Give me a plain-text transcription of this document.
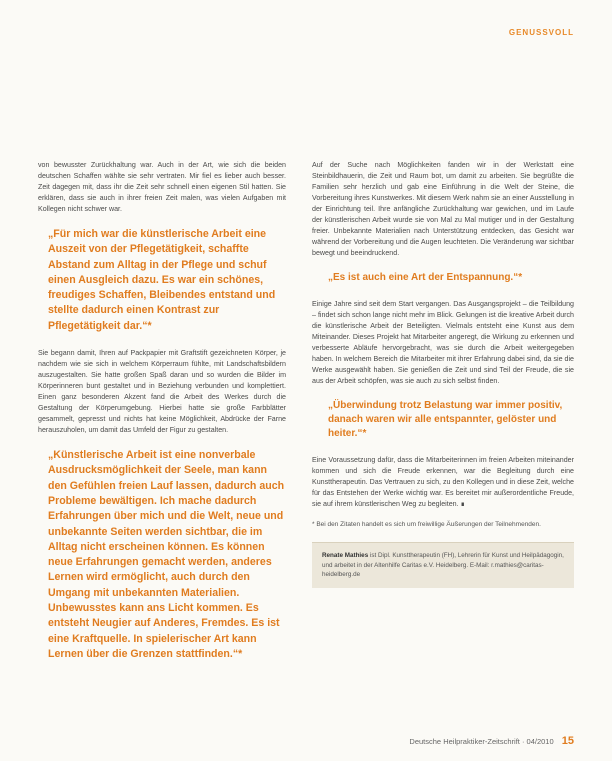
GENUSSVOLL

von bewusster Zurückhaltung war. Auch in der Art, wie sich die beiden deutschen Schaffen wählte sie sehr vertraten. Mir fiel es lieber auch besser. Zeit dagegen mit, dass ihr die Zeit sehr schnell einen eigenen Stil hatten. Sie erklären, dass sie auch in ihrer freien Zeit malen, was vielen Aufgaben mit Kollegen nicht schwer war.

„Für mich war die künstlerische Arbeit eine Auszeit von der Pflegetätigkeit, schaffte Abstand zum Alltag in der Pflege und schuf einen Ausgleich dazu. Es war ein schönes, freudiges Schaffen, Bleibendes entstand und stellte dadurch einen Kontrast zur Pflegetätigkeit dar.“*

Sie begann damit, Ihren auf Packpapier mit Graftstift gezeichneten Körper, je nachdem wie sie sich in welchem Körperraum fühlte, mit Landschaftsbildern auszugestalten. Sie hatte großen Spaß daran und so wurden die Bilder im Körperinneren bunt gestaltet und in Beziehung verbunden und komplettiert. Einen ganz besonderen Akzent fand die Arbeit des Werkes durch die Gestaltung der Körperumgebung. Hierbei hatte sie große Farbblätter gesammelt, gepresst und nichts hat keine Möglichkeit, Abdrücke der Farne herauszuholen, um damit das Umfeld der Figur zu gestalten.

„Künstlerische Arbeit ist eine nonverbale Ausdrucksmöglichkeit der Seele, man kann den Gefühlen freien Lauf lassen, dadurch auch Probleme bewältigen. Ich mache dadurch Erfahrungen über mich und die Welt, neue und unbekannte Seiten werden sichtbar, die im Alltag nicht erscheinen können. Es können neue Erfahrungen gemacht werden, anderes Lernen wird ermöglicht, auch durch den Umgang mit unbekannten Materialien. Unbewusstes kann ans Licht kommen. Es entsteht Neugier auf Anderes, Fremdes. Es ist eine Kraftquelle. In spielerischer Art kann Lernen über die Grenzen stattfinden.“*

Auf der Suche nach Möglichkeiten fanden wir in der Werkstatt eine Steinbildhauerin, die Zeit und Raum bot, um damit zu arbeiten. Sie begrüßte die Familien sehr herzlich und gab eine Einführung in die Welt der Steine, die Vorbereitung ihres Kunstwerkes. Mit diesem Werk nahm sie an einer Ausstellung in der Einrichtung teil. Ihre anfängliche Zurückhaltung war gewichen, und im Laufe der künstlerischen Arbeit wurde sie von Mal zu Mal mutiger und in der Gestaltung freier. Unbekannte Materialien nach Unterstützung entdecken, das Gesicht war während der Vorbereitung und die Augen leuchteten. Die Veränderung war sichtbar bewegt und beeindruckend.

„Es ist auch eine Art der Entspannung.“*

Einige Jahre sind seit dem Start vergangen. Das Ausgangsprojekt – die Teilbildung – findet sich schon lange nicht mehr im Blick. Gelungen ist die kreative Arbeit durch die künstlerische Arbeit der Beteiligten. Vielmals entsteht eine Kunst aus dem Miteinander. Dieses Projekt hat Mitarbeiter angeregt, die Wirkung zu erkennen und verbesserte Abläufe hervorgebracht, was sie durch die Arbeit weitergegeben haben. In welchem Bereich die Mitarbeiter mit ihrer Erfahrung dabei sind, da sie die Werke ausgewählt haben. Sie genießen die Zeit und sind Teil der Freude, die sie aus der Arbeit schöpfen, was sie auch zu sich selbst finden.

„Überwindung trotz Belastung war immer positiv, danach waren wir alle entspannter, gelöster und heiter.“*

Eine Voraussetzung dafür, dass die Mitarbeiterinnen im freien Arbeiten miteinander kommen und sich die Freude erkennen, war die Begleitung durch eine Kunsttherapeutin. Das Vertrauen zu sich, zu den Kollegen und in diese Zeit, welche für das Entstehen der Werke wichtig war. Es bereitet mir außerordentliche Freude, sie auf ihrem künstlerischen Weg zu begleiten. ∎

* Bei den Zitaten handelt es sich um freiwillige Äußerungen der Teilnehmenden.

Renate Mathies ist Dipl. Kunsttherapeutin (FH), Lehrerin für Kunst und Heilpädagogin, und arbeitet in der Altenhilfe Caritas e.V. Heidelberg. E-Mail: r.mathies@caritas-heidelberg.de
Deutsche Heilpraktiker-Zeitschrift · 04/2010 15
